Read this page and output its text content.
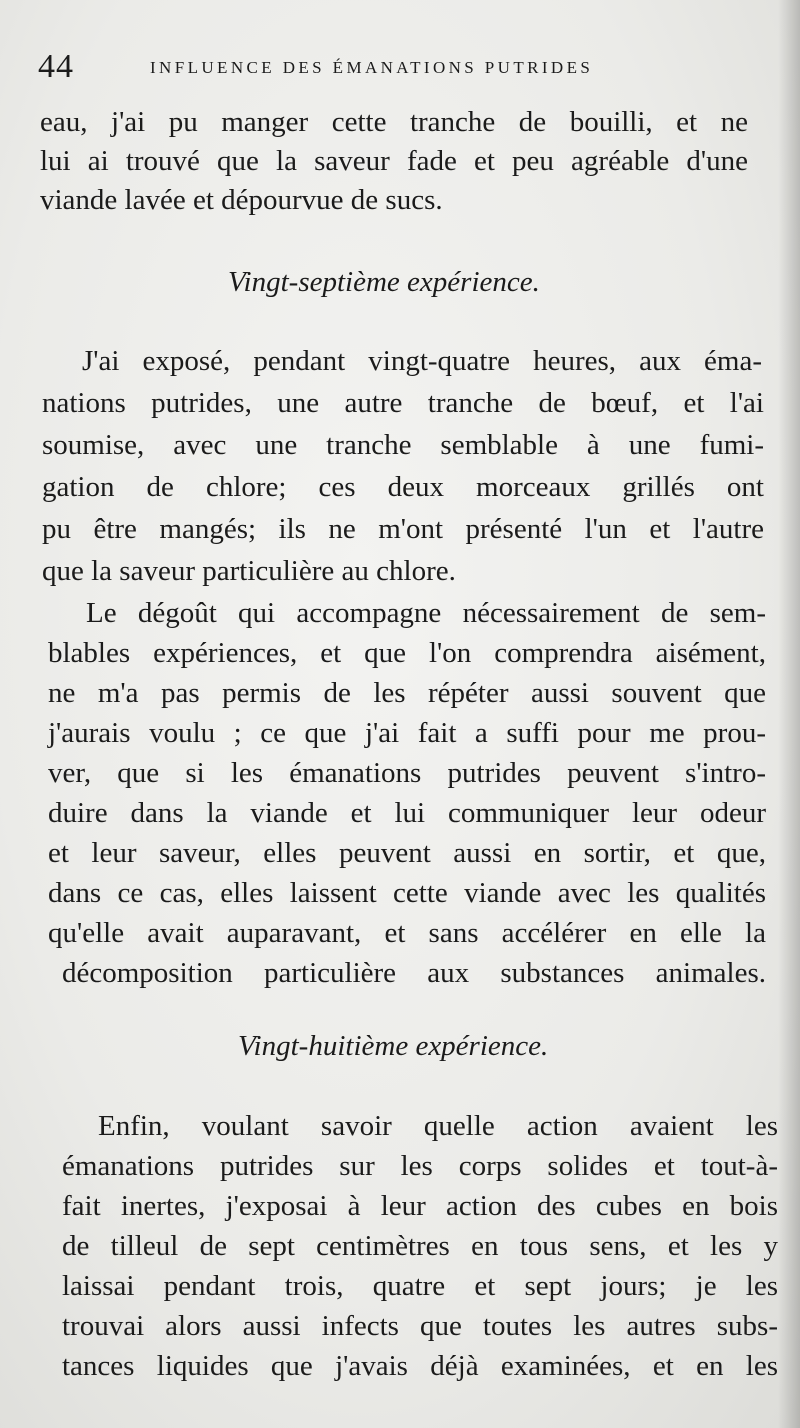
44	INFLUENCE DES ÉMANATIONS PUTRIDES
eau, j'ai pu manger cette tranche de bouilli, et ne
lui ai trouvé que la saveur fade et peu agréable d'une
viande lavée et dépourvue de sucs.
Vingt-septième expérience.
J'ai exposé, pendant vingt-quatre heures, aux éma-
nations putrides, une autre tranche de bœuf, et l'ai
soumise, avec une tranche semblable à une fumi-
gation de chlore; ces deux morceaux grillés ont
pu être mangés; ils ne m'ont présenté l'un et l'autre
que la saveur particulière au chlore.
Le dégoût qui accompagne nécessairement de sem-
blables expériences, et que l'on comprendra aisément,
ne m'a pas permis de les répéter aussi souvent que
j'aurais voulu ; ce que j'ai fait a suffi pour me prou-
ver, que si les émanations putrides peuvent s'intro-
duire dans la viande et lui communiquer leur odeur
et leur saveur, elles peuvent aussi en sortir, et que,
dans ce cas, elles laissent cette viande avec les qualités
qu'elle avait auparavant, et sans accélérer en elle la
décomposition particulière aux substances animales.
Vingt-huitième expérience.
Enfin, voulant savoir quelle action avaient les
émanations putrides sur les corps solides et tout-à-
fait inertes, j'exposai à leur action des cubes en bois
de tilleul de sept centimètres en tous sens, et les y
laissai pendant trois, quatre et sept jours; je les
trouvai alors aussi infects que toutes les autres subs-
tances liquides que j'avais déjà examinées, et en les
